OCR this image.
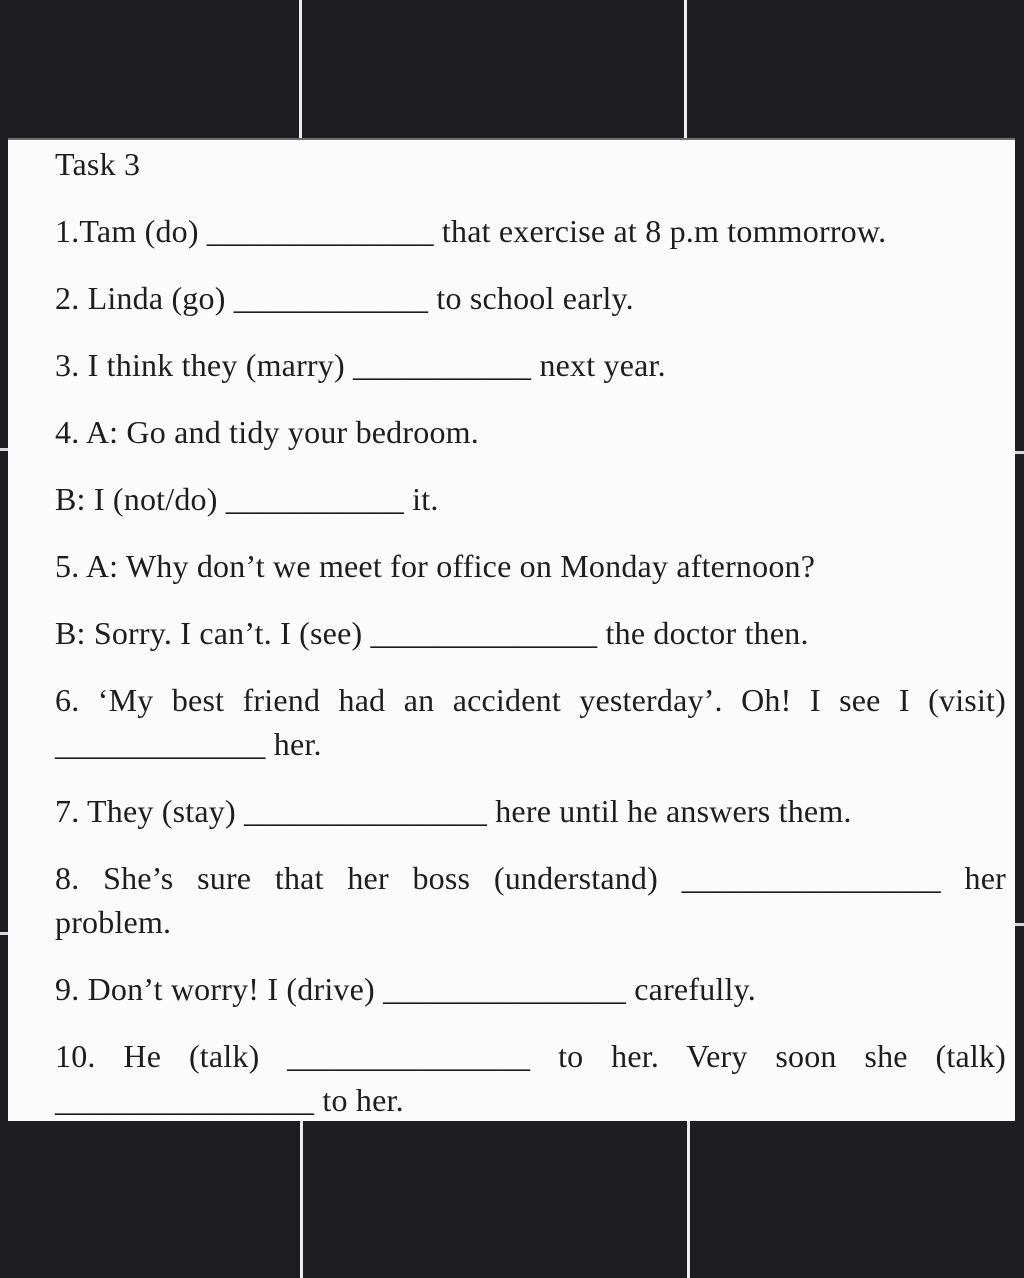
Task 3

1.Tam (do) ______________ that exercise at 8 p.m tommorrow.

2. Linda (go) ____________ to school early.

3. I think they (marry) ___________ next year.

4. A: Go and tidy your bedroom.

B: I (not/do) ___________ it.

5. A: Why don’t we meet for office on Monday afternoon?

B: Sorry. I can’t. I (see) ______________ the doctor then.

6. ‘My best friend had an accident yesterday’. Oh! I see I (visit)

_____________ her.

7. They (stay) _______________ here until he answers them.

8. She’s sure that her boss (understand) ________________ her

problem.

9. Don’t worry! I (drive) _______________ carefully.

10. He (talk) _______________ to her. Very soon she (talk)

________________ to her.
